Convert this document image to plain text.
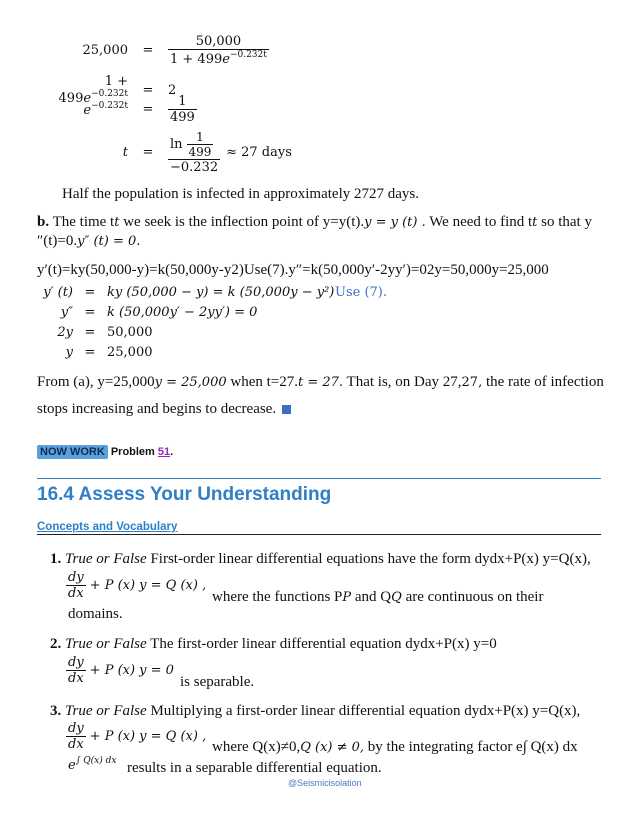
25,000	=	$\frac{50,000}{1 + 499e^{-0.232t}}$
$1 + 499e^{-0.232t}$	=	2
$e^{-0.232t}$	=	$\frac{1}{499}$
t	=	$\frac{\ln \frac{1}{499}}{-0.232} \approx 27$ days
Half the population is infected in approximately 2727 days.
b. The time tt we seek is the inflection point of y=y(t).y = y (t) . We need to find tt so that y
″(t)=0.y″ (t) = 0.
y′(t)=ky(50,000-y)=k(50,000y-y2)Use(7).y″=k(50,000y′-2yy′)=02y=50,000y=25,000
y′ (t) = ky (50,000 − y) = k (50,000y − y²) Use (7).
y″ = k (50,000y′ − 2yy′) = 0
2y = 50,000
y = 25,000
From (a), y=25,000y = 25,000 when t=27.t = 27. That is, on Day 27,27, the rate of infection
stops increasing and begins to decrease.
NOW WORK Problem 51.
16.4 Assess Your Understanding
Concepts and Vocabulary
1. True or False First-order linear differential equations have the form dydx+P(x) y=Q(x),
$\frac{dy}{dx} + P$ (x) y = Q (x) ,
where the functions PP and QQ are continuous on their
domains.
2. True or False The first-order linear differential equation dydx+P(x) y=0
$\frac{dy}{dx} + P$ (x) y = 0
is separable.
3. True or False Multiplying a first-order linear differential equation dydx+P(x) y=Q(x),
$\frac{dy}{dx} + P$ (x) y = Q (x) ,
where Q(x)≠0,Q (x) ≠ 0, by the integrating factor e∫ Q(x) dx
$e^{\int Q(x) dx}$ results in a separable differential equation.
@Seismicisolation
